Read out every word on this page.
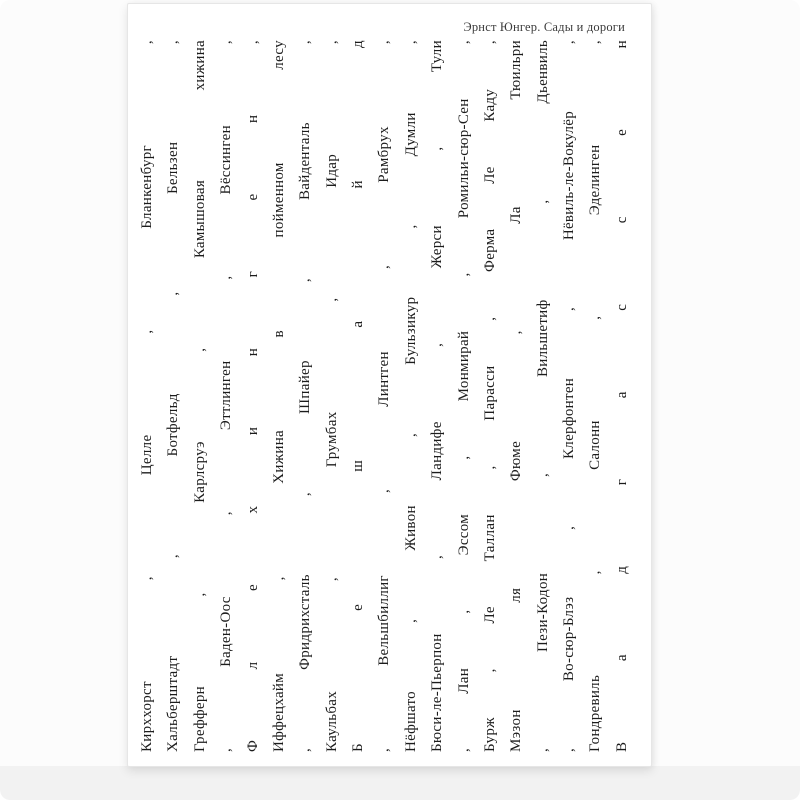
Эрнст Юнгер. Сады и дороги
Кирххорст
,
Целле
,
Бланкенбург
,
Хальберштадт
,
Ботфельд
,
Бельзен
,
Грефферн
,
Карлсруэ
,
Камышовая
хижина
,
Баден-Оос
,
Эттлинген
,
Вёссинген
,
Ф
л
е
х
и
н
г
е
н
,
Иффецхайм
,
Хижина
в
пойменном
лесу
,
Фридрихсталь
,
Шпайер
,
Вайденталь
,
Каульбах
,
Грумбах
,
Идар
,
Б
е
ш
а
й
д
,
Вельшбиллиг
,
Линтген
,
Рамбрух
,
Нёфшато
,
Живон
,
Бульзикур
,
Думли
,
Бюси-ле-Пьерпон
,
Ландифе
,
Жерси
,
Тули
,
Лан
,
Эссом
,
Монмирай
,
Ромильи-сюр-Сен
,
Бурж
,
Ле
Таллан
,
Парасси
,
Ферма
Ле
Каду
,
Мэзон
ля
Фюме
,
Ла
Тюильри
,
Пези-Кодон
,
Вильшетиф
,
Дьенвиль
,
Во-сюр-Блэз
,
Клерфонтен
,
Нёвиль-ле-Вокулёр
,
Гондревиль
,
Салонн
,
Эделинген
,
В
а
д
г
а
с
с
е
н
